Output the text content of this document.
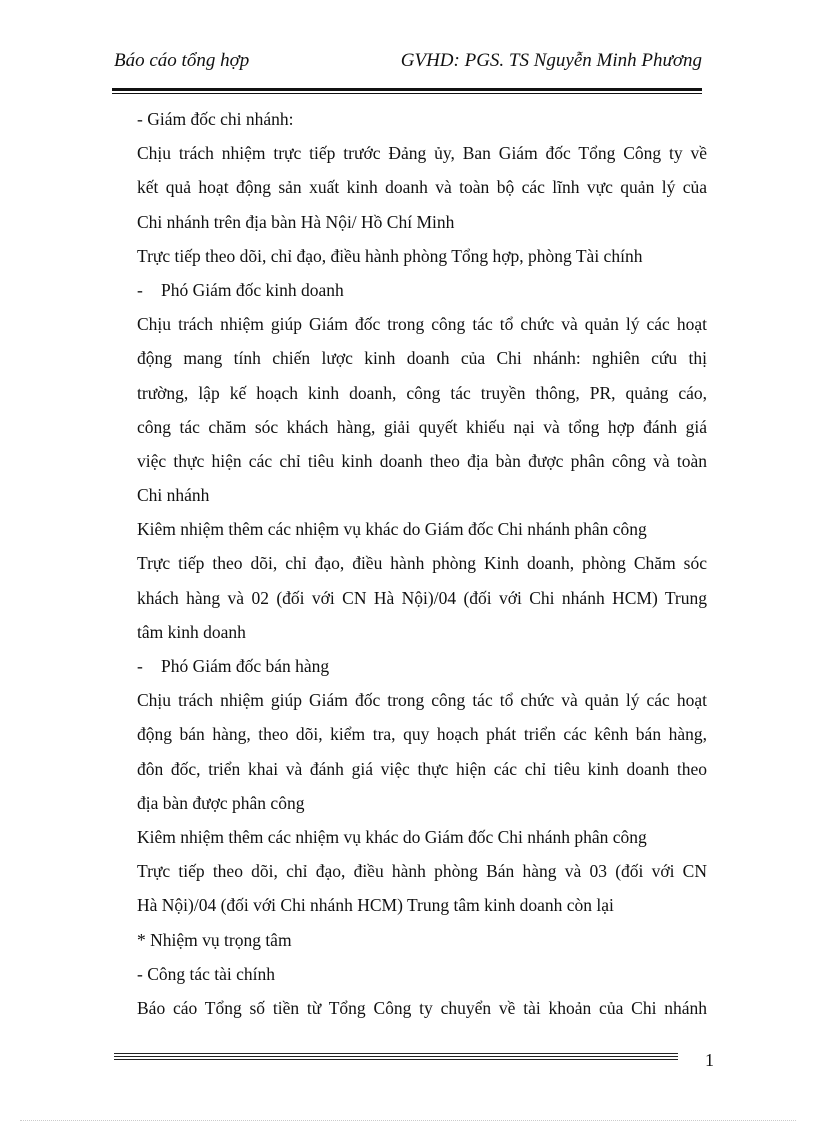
Báo cáo tổng hợp	GVHD: PGS. TS Nguyễn Minh Phương
- Giám đốc chi nhánh:
Chịu trách nhiệm trực tiếp trước Đảng ủy, Ban Giám đốc Tổng Công ty về
kết quả hoạt động sản xuất kinh doanh và toàn bộ các lĩnh vực quản lý của
Chi nhánh trên địa bàn Hà Nội/ Hồ Chí Minh
Trực tiếp theo dõi, chỉ đạo, điều hành phòng Tổng hợp, phòng Tài chính
- Phó Giám đốc kinh doanh
Chịu trách nhiệm giúp Giám đốc trong công tác tổ chức và quản lý các hoạt
động mang tính chiến lược kinh doanh của Chi nhánh: nghiên cứu thị
trường, lập kế hoạch kinh doanh, công tác truyền thông, PR, quảng cáo,
công tác chăm sóc khách hàng, giải quyết khiếu nại và tổng hợp đánh giá
việc thực hiện các chỉ tiêu kinh doanh theo địa bàn được phân công và toàn
Chi nhánh
Kiêm nhiệm thêm các nhiệm vụ khác do Giám đốc Chi nhánh phân công
Trực tiếp theo dõi, chỉ đạo, điều hành phòng Kinh doanh, phòng Chăm sóc
khách hàng và 02 (đối với CN Hà Nội)/04 (đối với Chi nhánh HCM) Trung
tâm kinh doanh
- Phó Giám đốc bán hàng
Chịu trách nhiệm giúp Giám đốc trong công tác tổ chức và quản lý các hoạt
động bán hàng, theo dõi, kiểm tra, quy hoạch phát triển các kênh bán hàng,
đôn đốc, triển khai và đánh giá việc thực hiện các chỉ tiêu kinh doanh theo
địa bàn được phân công
Kiêm nhiệm thêm các nhiệm vụ khác do Giám đốc Chi nhánh phân công
Trực tiếp theo dõi, chỉ đạo, điều hành phòng Bán hàng và 03 (đối với CN
Hà Nội)/04 (đối với Chi nhánh HCM) Trung tâm kinh doanh còn lại
* Nhiệm vụ trọng tâm
- Công tác tài chính
Báo cáo Tổng số tiền từ Tổng Công ty chuyển về tài khoản của Chi nhánh
1
